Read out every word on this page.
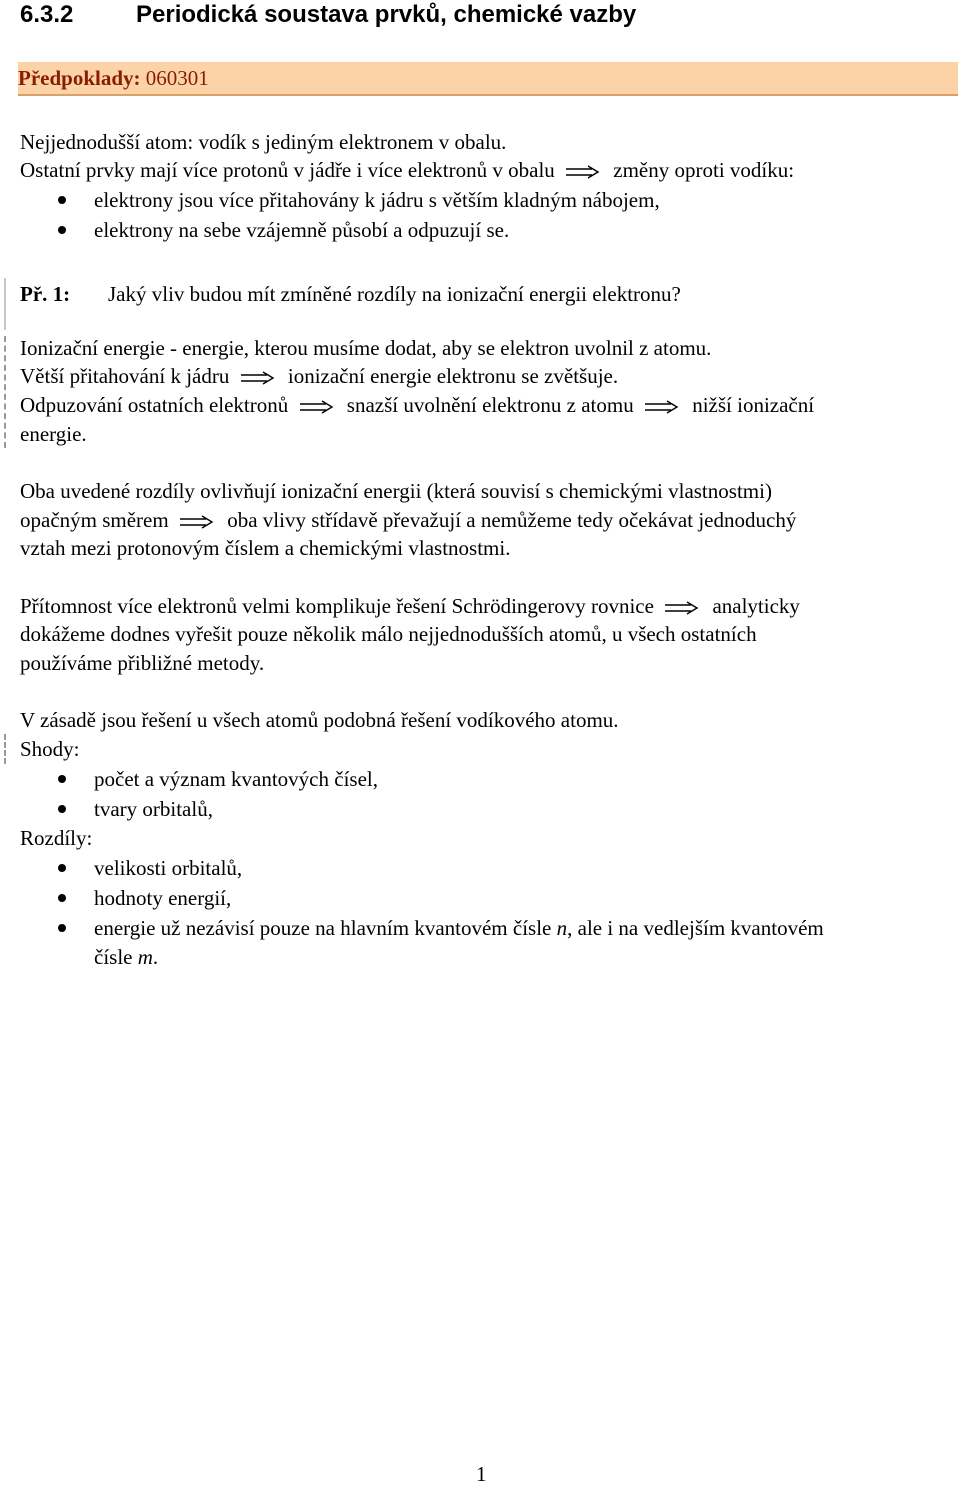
6.3.2	Periodická soustava prvků, chemické vazby
Předpoklady: 060301
Nejjednodušší atom: vodík s jediným elektronem v obalu.
Ostatní prvky mají více protonů v jádře i více elektronů v obalu	změny oproti vodíku:
elektrony jsou více přitahovány k jádru s větším kladným nábojem,
elektrony na sebe vzájemně působí a odpuzují se.
Př. 1: Jaký vliv budou mít zmíněné rozdíly na ionizační energii elektronu?
Ionizační energie - energie, kterou musíme dodat, aby se elektron uvolnil z atomu.
Větší přitahování k jádru	ionizační energie elektronu se zvětšuje.
Odpuzování ostatních elektronů	snazší uvolnění elektronu z atomu	nižší ionizační
energie.
Oba uvedené rozdíly ovlivňují ionizační energii (která souvisí s chemickými vlastnostmi)
opačným směrem	oba vlivy střídavě převažují a nemůžeme tedy očekávat jednoduchý
vztah mezi protonovým číslem a chemickými vlastnostmi.
Přítomnost více elektronů velmi komplikuje řešení Schrödingerovy rovnice	analyticky
dokážeme dodnes vyřešit pouze několik málo nejjednodušších atomů, u všech ostatních
používáme přibližné metody.
V zásadě jsou řešení u všech atomů podobná řešení vodíkového atomu.
Shody:
počet a význam kvantových čísel,
tvary orbitalů,
Rozdíly:
velikosti orbitalů,
hodnoty energií,
energie už nezávisí pouze na hlavním kvantovém čísle n, ale i na vedlejším kvantovém
čísle m.
1
